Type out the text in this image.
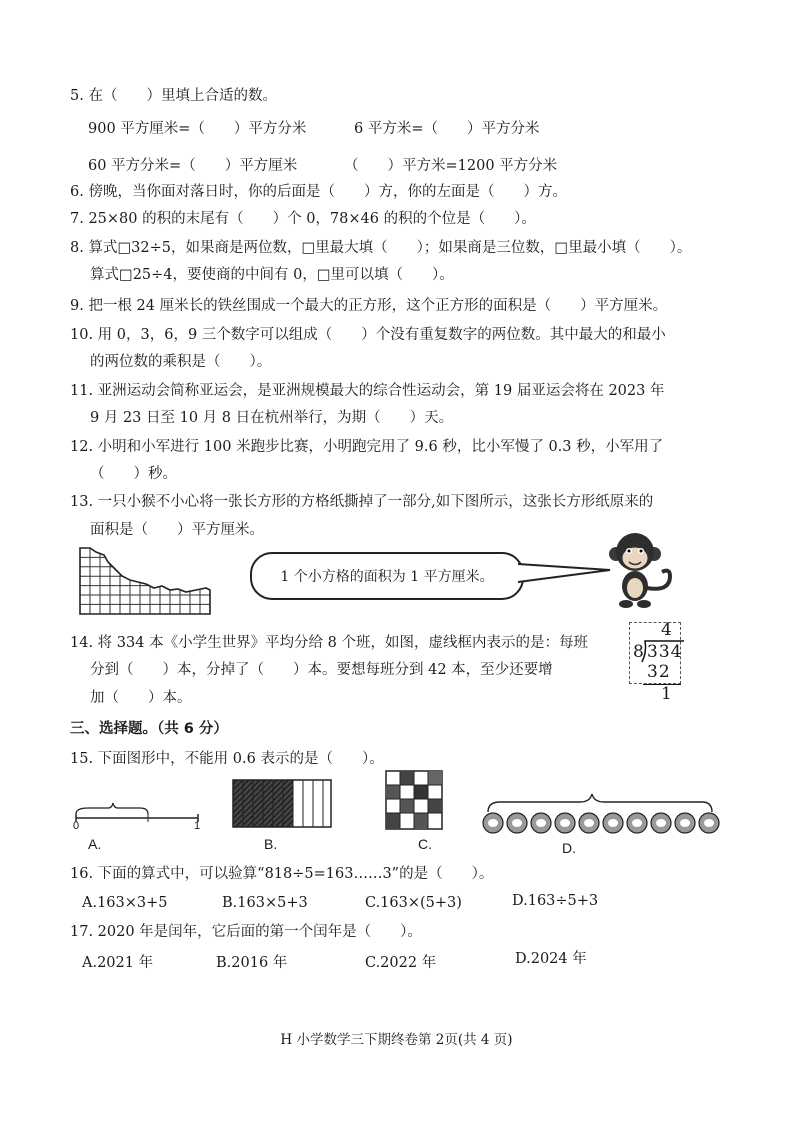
5. 在（　　）里填上合适的数。
900 平方厘米=（　　）平方分米	6 平方米=（　　）平方分米
60 平方分米=（　　）平方厘米	（　　）平方米=1200 平方分米
6. 傍晚，当你面对落日时，你的后面是（　　）方，你的左面是（　　）方。
7. 25×80 的积的末尾有（　　）个 0，78×46 的积的个位是（　　）。
8. 算式□32÷5，如果商是两位数，□里最大填（　　）；如果商是三位数，□里最小填（　　）。
算式□25÷4，要使商的中间有 0，□里可以填（　　）。
9. 把一根 24 厘米长的铁丝围成一个最大的正方形，这个正方形的面积是（　　）平方厘米。
10. 用 0，3，6，9 三个数字可以组成（　　）个没有重复数字的两位数。其中最大的和最小
的两位数的乘积是（　　）。
11. 亚洲运动会简称亚运会，是亚洲规模最大的综合性运动会，第 19 届亚运会将在 2023 年
9 月 23 日至 10 月 8 日在杭州举行，为期（　　）天。
12. 小明和小军进行 100 米跑步比赛，小明跑完用了 9.6 秒，比小军慢了 0.3 秒，小军用了
（　　）秒。
13. 一只小猴不小心将一张长方形的方格纸撕掉了一部分,如下图所示，这张长方形纸原来的
面积是（　　）平方厘米。
1 个小方格的面积为 1 平方厘米。
14. 将 334 本《小学生世界》平均分给 8 个班，如图，虚线框内表示的是：每班
分到（　　）本，分掉了（　　）本。要想每班分到 42 本，至少还要增
加（　　）本。
4
8 334
32
1
三、选择题。（共 6 分）
15. 下面图形中，不能用 0.6 表示的是（　　）。
0	1
A.	B.	C.	D.
16. 下面的算式中，可以验算“818÷5=163……3”的是（　　）。
A.163×3+5	B.163×5+3	C.163×(5+3)	D.163÷5+3
17. 2020 年是闰年，它后面的第一个闰年是（　　）。
A.2021 年	B.2016 年	C.2022 年	D.2024 年
H 小学数学三下期终卷第 2页(共 4 页)
